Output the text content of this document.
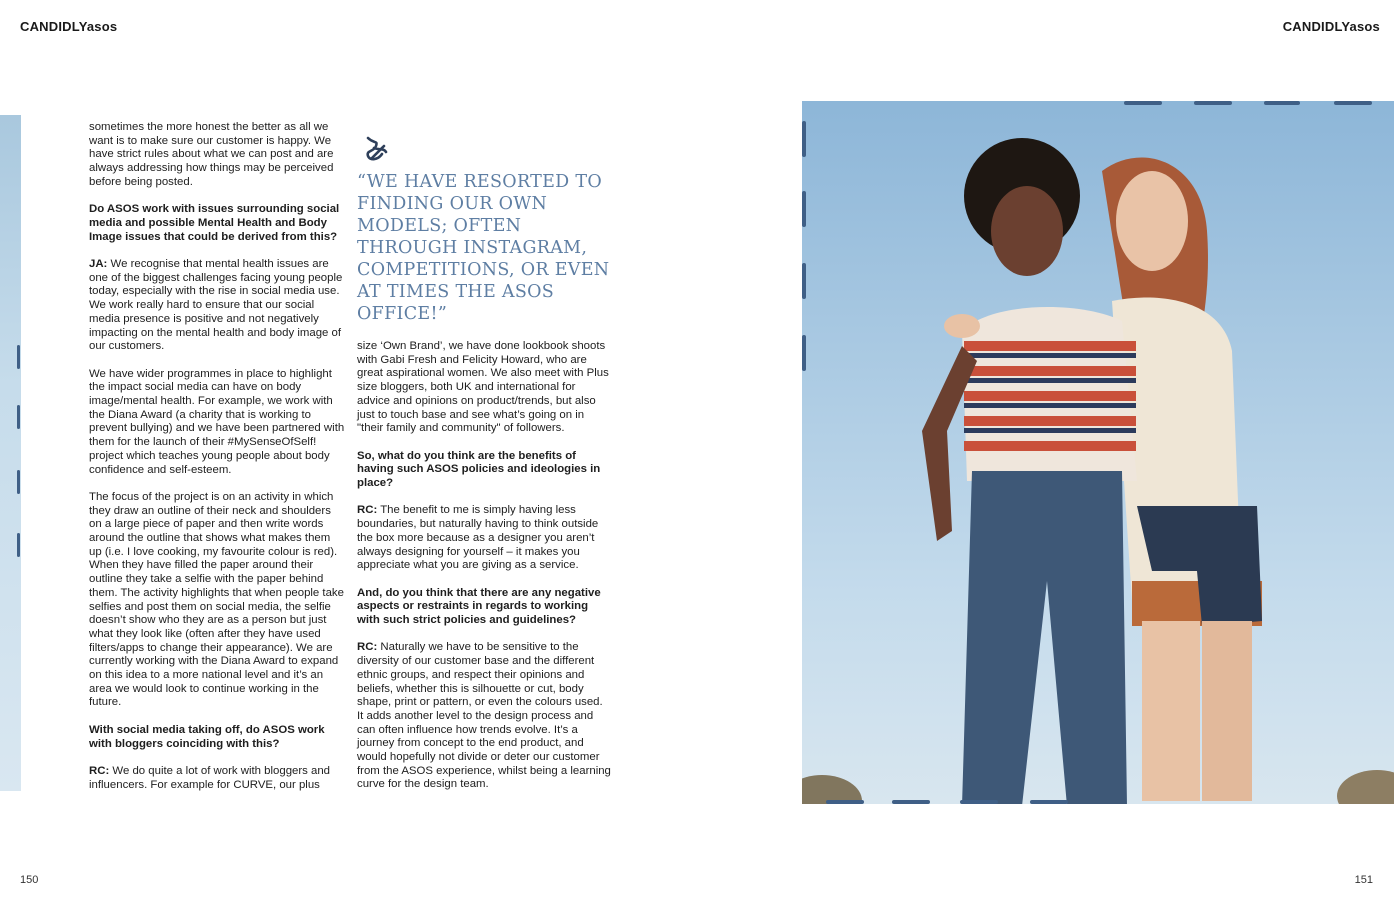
CANDIDLYasos	CANDIDLYasos

sometimes the more honest the better as all we want is to make sure our customer is happy. We have strict rules about what we can post and are always addressing how things may be perceived before being posted.

Do ASOS work with issues surrounding social media and possible Mental Health and Body Image issues that could be derived from this?

JA: We recognise that mental health issues are one of the biggest challenges facing young people today, especially with the rise in social media use. We work really hard to ensure that our social media presence is positive and not negatively impacting on the mental health and body image of our customers.

We have wider programmes in place to highlight the impact social media can have on body image/mental health. For example, we work with the Diana Award (a charity that is working to prevent bullying) and we have been partnered with them for the launch of their #MySenseOfSelf! project which teaches young people about body confidence and self-esteem.

The focus of the project is on an activity in which they draw an outline of their neck and shoulders on a large piece of paper and then write words around the outline that shows what makes them up (i.e. I love cooking, my favourite colour is red). When they have filled the paper around their outline they take a selfie with the paper behind them. The activity highlights that when people take selfies and post them on social media, the selfie doesn’t show who they are as a person but just what they look like (often after they have used filters/apps to change their appearance). We are currently working with the Diana Award to expand on this idea to a more national level and it’s an area we would look to continue working in the future.

With social media taking off, do ASOS work with bloggers coinciding with this?

RC: We do quite a lot of work with bloggers and influencers. For example for CURVE, our plus

“WE HAVE RESORTED TO FINDING OUR OWN MODELS; OFTEN THROUGH INSTAGRAM, COMPETITIONS, OR EVEN AT TIMES THE ASOS OFFICE!”

size ‘Own Brand’, we have done lookbook shoots with Gabi Fresh and Felicity Howard, who are great aspirational women. We also meet with Plus size bloggers, both UK and international for advice and opinions on product/trends, but also just to touch base and see what’s going on in "their family and community" of followers.

So, what do you think are the benefits of having such ASOS policies and ideologies in place?

RC: The benefit to me is simply having less boundaries, but naturally having to think outside the box more because as a designer you aren’t always designing for yourself – it makes you appreciate what you are giving as a service.

And, do you think that there are any negative aspects or restraints in regards to working with such strict policies and guidelines?

RC: Naturally we have to be sensitive to the diversity of our customer base and the different ethnic groups, and respect their opinions and beliefs, whether this is silhouette or cut, body shape, print or pattern, or even the colours used. It adds another level to the design process and can often influence how trends evolve. It’s a journey from concept to the end product, and would hopefully not divide or deter our customer from the ASOS experience, whilst being a learning curve for the design team.

150	151
